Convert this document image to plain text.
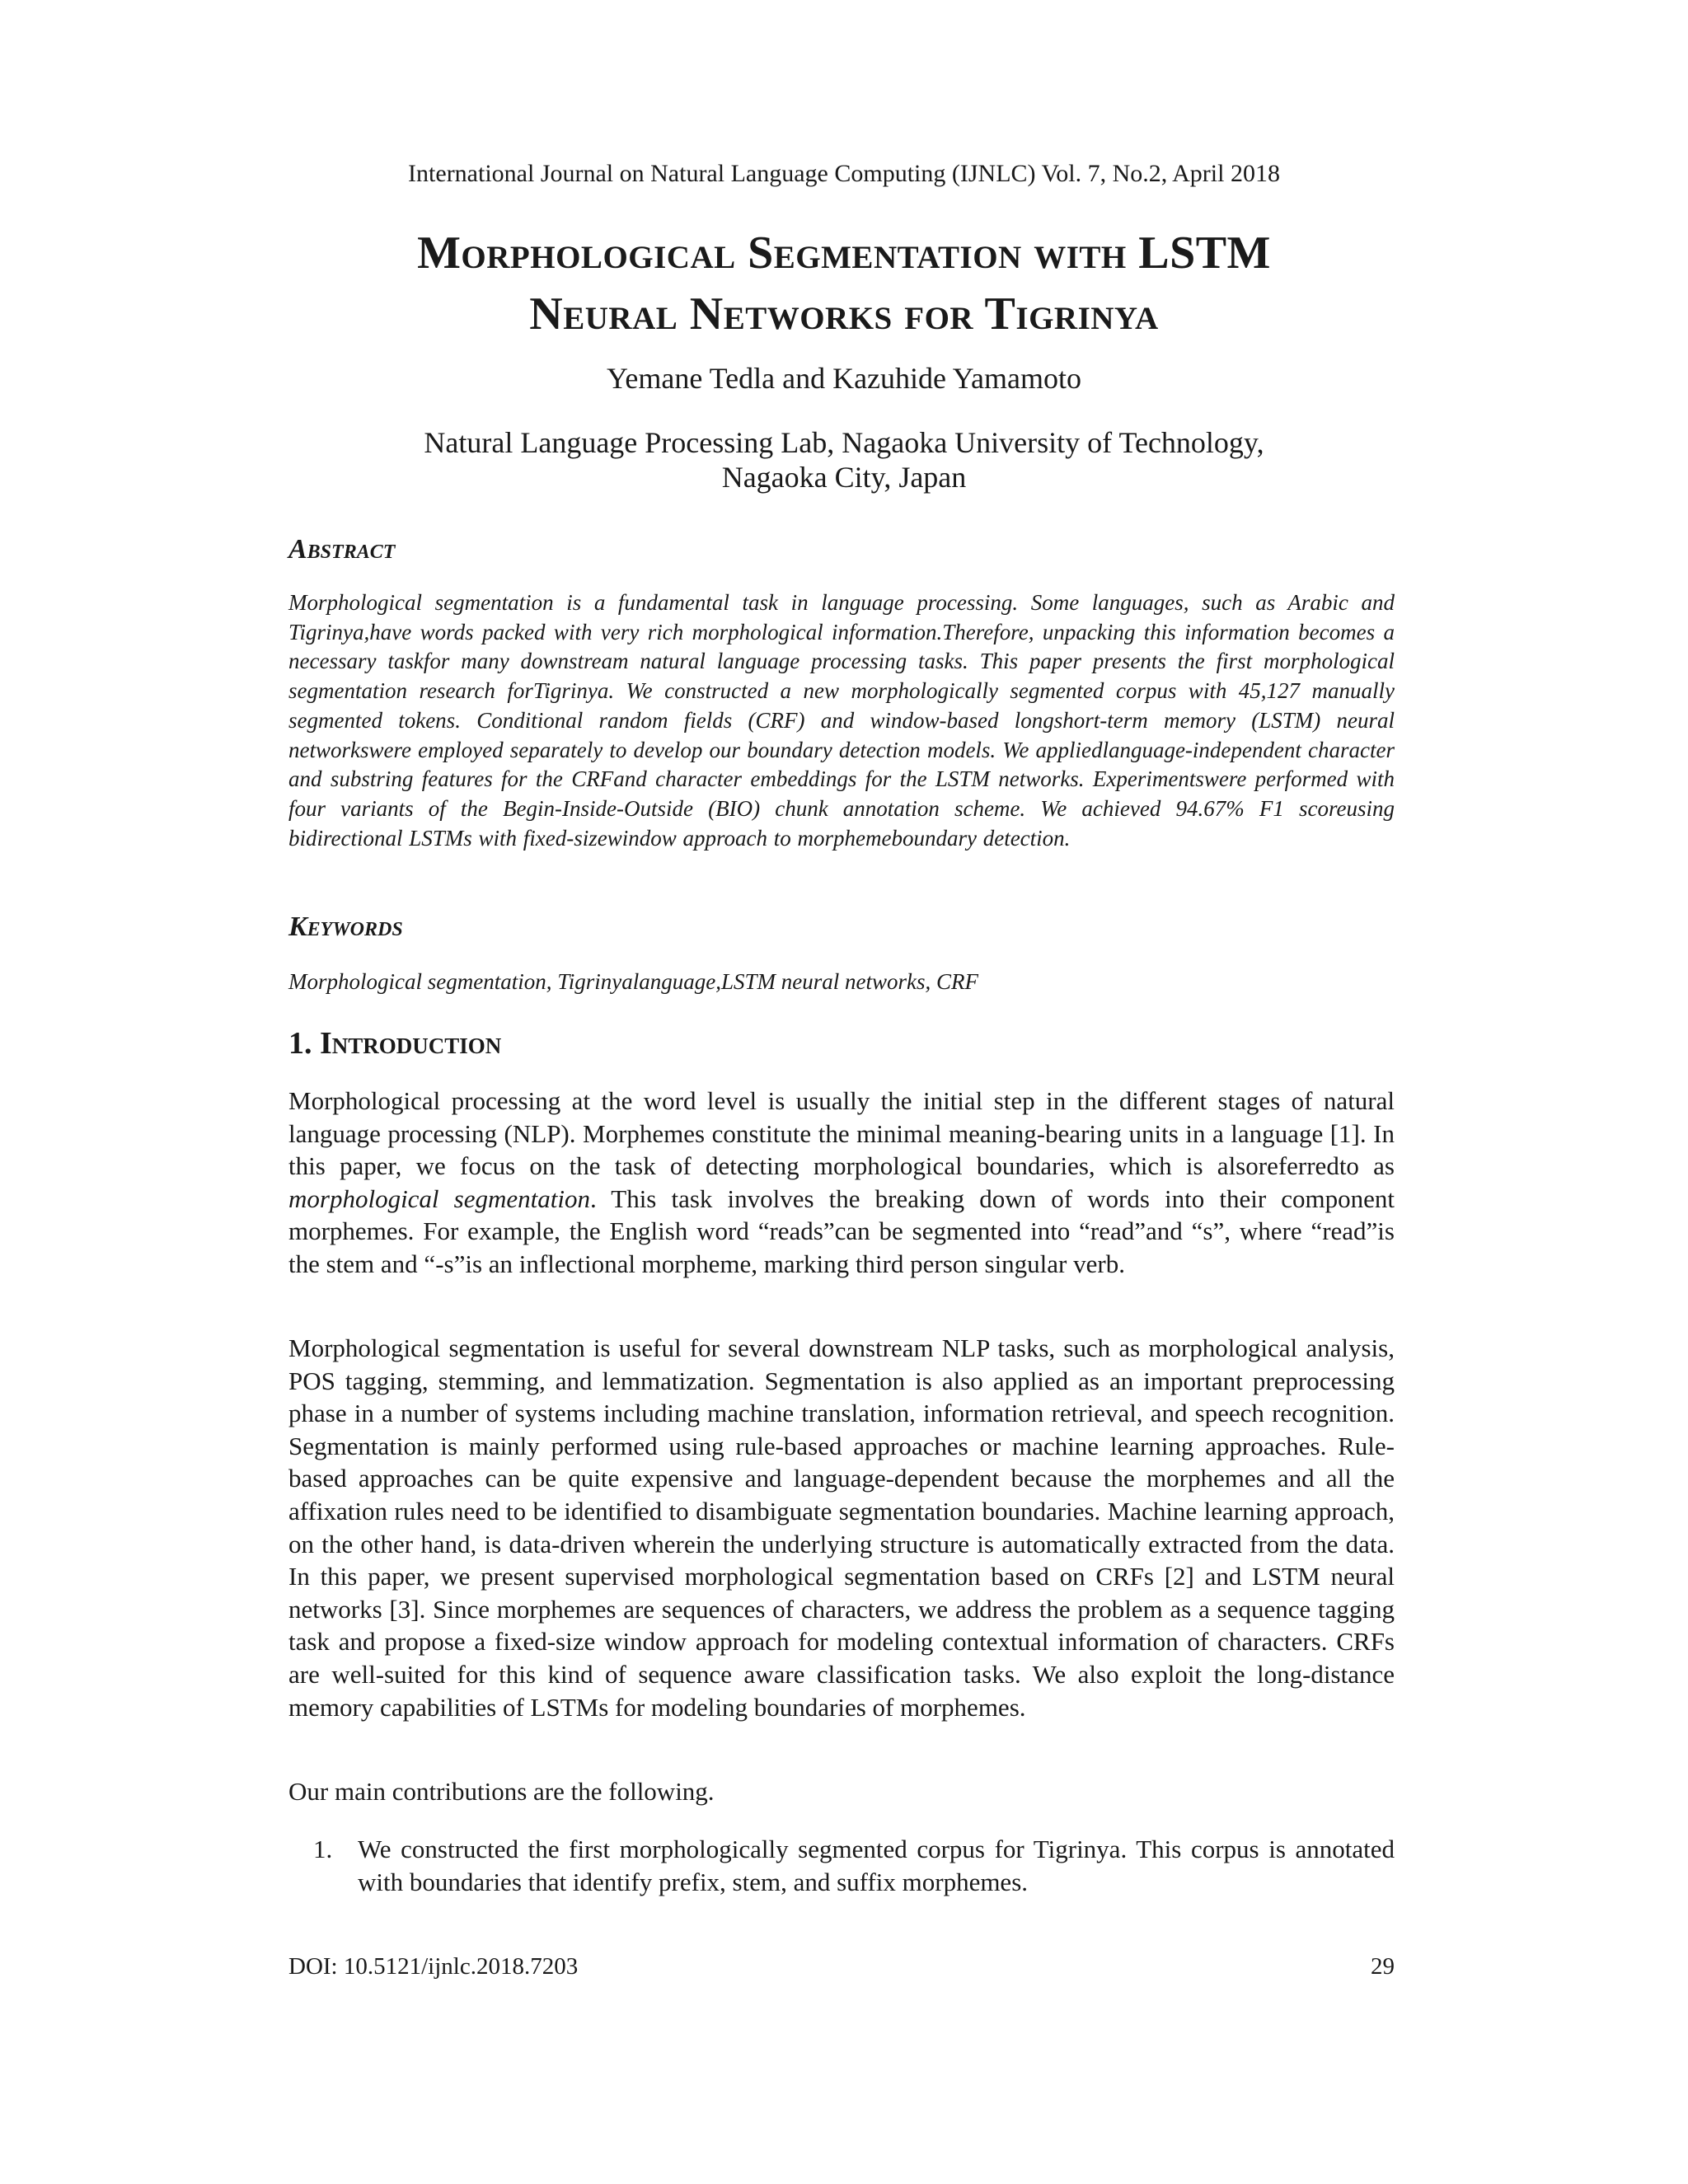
International Journal on Natural Language Computing (IJNLC) Vol. 7, No.2, April 2018
Morphological Segmentation with LSTM
Neural Networks for Tigrinya
Yemane Tedla and Kazuhide Yamamoto
Natural Language Processing Lab, Nagaoka University of Technology,
Nagaoka City, Japan
Abstract

Morphological segmentation is a fundamental task in language processing. Some languages, such as Arabic and Tigrinya,have words packed with very rich morphological information.Therefore, unpacking this information becomes a necessary taskfor many downstream natural language processing tasks. This paper presents the first morphological segmentation research forTigrinya. We constructed a new morphologically segmented corpus with 45,127 manually segmented tokens. Conditional random fields (CRF) and window-based longshort-term memory (LSTM) neural networkswere employed separately to develop our boundary detection models. We appliedlanguage-independent character and substring features for the CRFand character embeddings for the LSTM networks. Experimentswere performed with four variants of the Begin-Inside-Outside (BIO) chunk annotation scheme. We achieved 94.67% F1 scoreusing bidirectional LSTMs with fixed-sizewindow approach to morphemeboundary detection.

Keywords

Morphological segmentation, Tigrinyalanguage,LSTM neural networks, CRF

1. Introduction

Morphological processing at the word level is usually the initial step in the different stages of natural language processing (NLP). Morphemes constitute the minimal meaning-bearing units in a language [1]. In this paper, we focus on the task of detecting morphological boundaries, which is alsoreferredto as morphological segmentation. This task involves the breaking down of words into their component morphemes. For example, the English word “reads”can be segmented into “read”and “s”, where “read”is the stem and “-s”is an inflectional morpheme, marking third person singular verb.

Morphological segmentation is useful for several downstream NLP tasks, such as morphological analysis, POS tagging, stemming, and lemmatization. Segmentation is also applied as an important preprocessing phase in a number of systems including machine translation, information retrieval, and speech recognition. Segmentation is mainly performed using rule-based approaches or machine learning approaches. Rule-based approaches can be quite expensive and language-dependent because the morphemes and all the affixation rules need to be identified to disambiguate segmentation boundaries. Machine learning approach, on the other hand, is data-driven wherein the underlying structure is automatically extracted from the data. In this paper, we present supervised morphological segmentation based on CRFs [2] and LSTM neural networks [3]. Since morphemes are sequences of characters, we address the problem as a sequence tagging task and propose a fixed-size window approach for modeling contextual information of characters. CRFs are well-suited for this kind of sequence aware classification tasks. We also exploit the long-distance memory capabilities of LSTMs for modeling boundaries of morphemes.

Our main contributions are the following.

1. We constructed the first morphologically segmented corpus for Tigrinya. This corpus is annotated with boundaries that identify prefix, stem, and suffix morphemes.
DOI: 10.5121/ijnlc.2018.7203	29
